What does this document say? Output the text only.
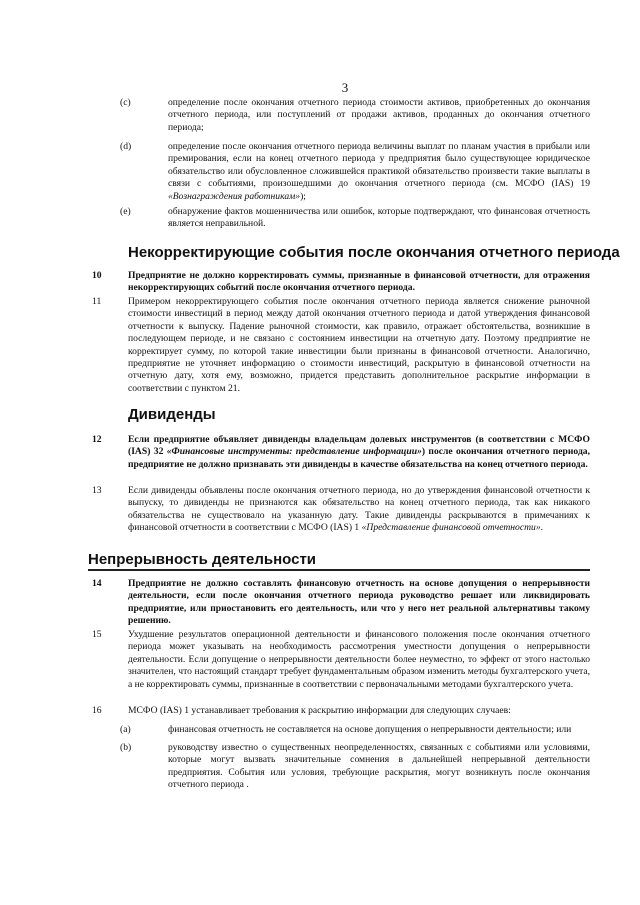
3
(c)	определение после окончания отчетного периода стоимости активов, приобретенных до окончания отчетного периода, или поступлений от продажи активов, проданных до окончания отчетного периода;
(d)	определение после окончания отчетного периода величины выплат по планам участия в прибыли или премирования, если на конец отчетного периода у предприятия было существующее юридическое обязательство или обусловленное сложившейся практикой обязательство произвести такие выплаты в связи с событиями, произошедшими до окончания отчетного периода (см. МСФО (IAS) 19 «Вознаграждения работникам»);
(e)	обнаружение фактов мошенничества или ошибок, которые подтверждают, что финансовая отчетность является неправильной.
Некорректирующие события после окончания отчетного периода
10	Предприятие не должно корректировать суммы, признанные в финансовой отчетности, для отражения некорректирующих событий после окончания отчетного периода.
11	Примером некорректирующего события после окончания отчетного периода является снижение рыночной стоимости инвестиций в период между датой окончания отчетного периода и датой утверждения финансовой отчетности к выпуску. Падение рыночной стоимости, как правило, отражает обстоятельства, возникшие в последующем периоде, и не связано с состоянием инвестиции на отчетную дату. Поэтому предприятие не корректирует сумму, по которой такие инвестиции были признаны в финансовой отчетности. Аналогично, предприятие не уточняет информацию о стоимости инвестиций, раскрытую в финансовой отчетности на отчетную дату, хотя ему, возможно, придется представить дополнительное раскрытие информации в соответствии с пунктом 21.
Дивиденды
12	Если предприятие объявляет дивиденды владельцам долевых инструментов (в соответствии с МСФО (IAS) 32 «Финансовые инструменты: представление информации») после окончания отчетного периода, предприятие не должно признавать эти дивиденды в качестве обязательства на конец отчетного периода.
13	Если дивиденды объявлены после окончания отчетного периода, но до утверждения финансовой отчетности к выпуску, то дивиденды не признаются как обязательство на конец отчетного периода, так как никакого обязательства не существовало на указанную дату. Такие дивиденды раскрываются в примечаниях к финансовой отчетности в соответствии с МСФО (IAS) 1 «Представление финансовой отчетности».
Непрерывность деятельности
14	Предприятие не должно составлять финансовую отчетность на основе допущения о непрерывности деятельности, если после окончания отчетного периода руководство решает или ликвидировать предприятие, или приостановить его деятельность, или что у него нет реальной альтернативы такому решению.
15	Ухудшение результатов операционной деятельности и финансового положения после окончания отчетного периода может указывать на необходимость рассмотрения уместности допущения о непрерывности деятельности. Если допущение о непрерывности деятельности более неуместно, то эффект от этого настолько значителен, что настоящий стандарт требует фундаментальным образом изменить методы бухгалтерского учета, а не корректировать суммы, признанные в соответствии с первоначальными методами бухгалтерского учета.
16	МСФО (IAS) 1 устанавливает требования к раскрытию информации для следующих случаев:
(a)	финансовая отчетность не составляется на основе допущения о непрерывности деятельности; или
(b)	руководству известно о существенных неопределенностях, связанных с событиями или условиями, которые могут вызвать значительные сомнения в дальнейшей непрерывной деятельности предприятия. События или условия, требующие раскрытия, могут возникнуть после окончания отчетного периода .
